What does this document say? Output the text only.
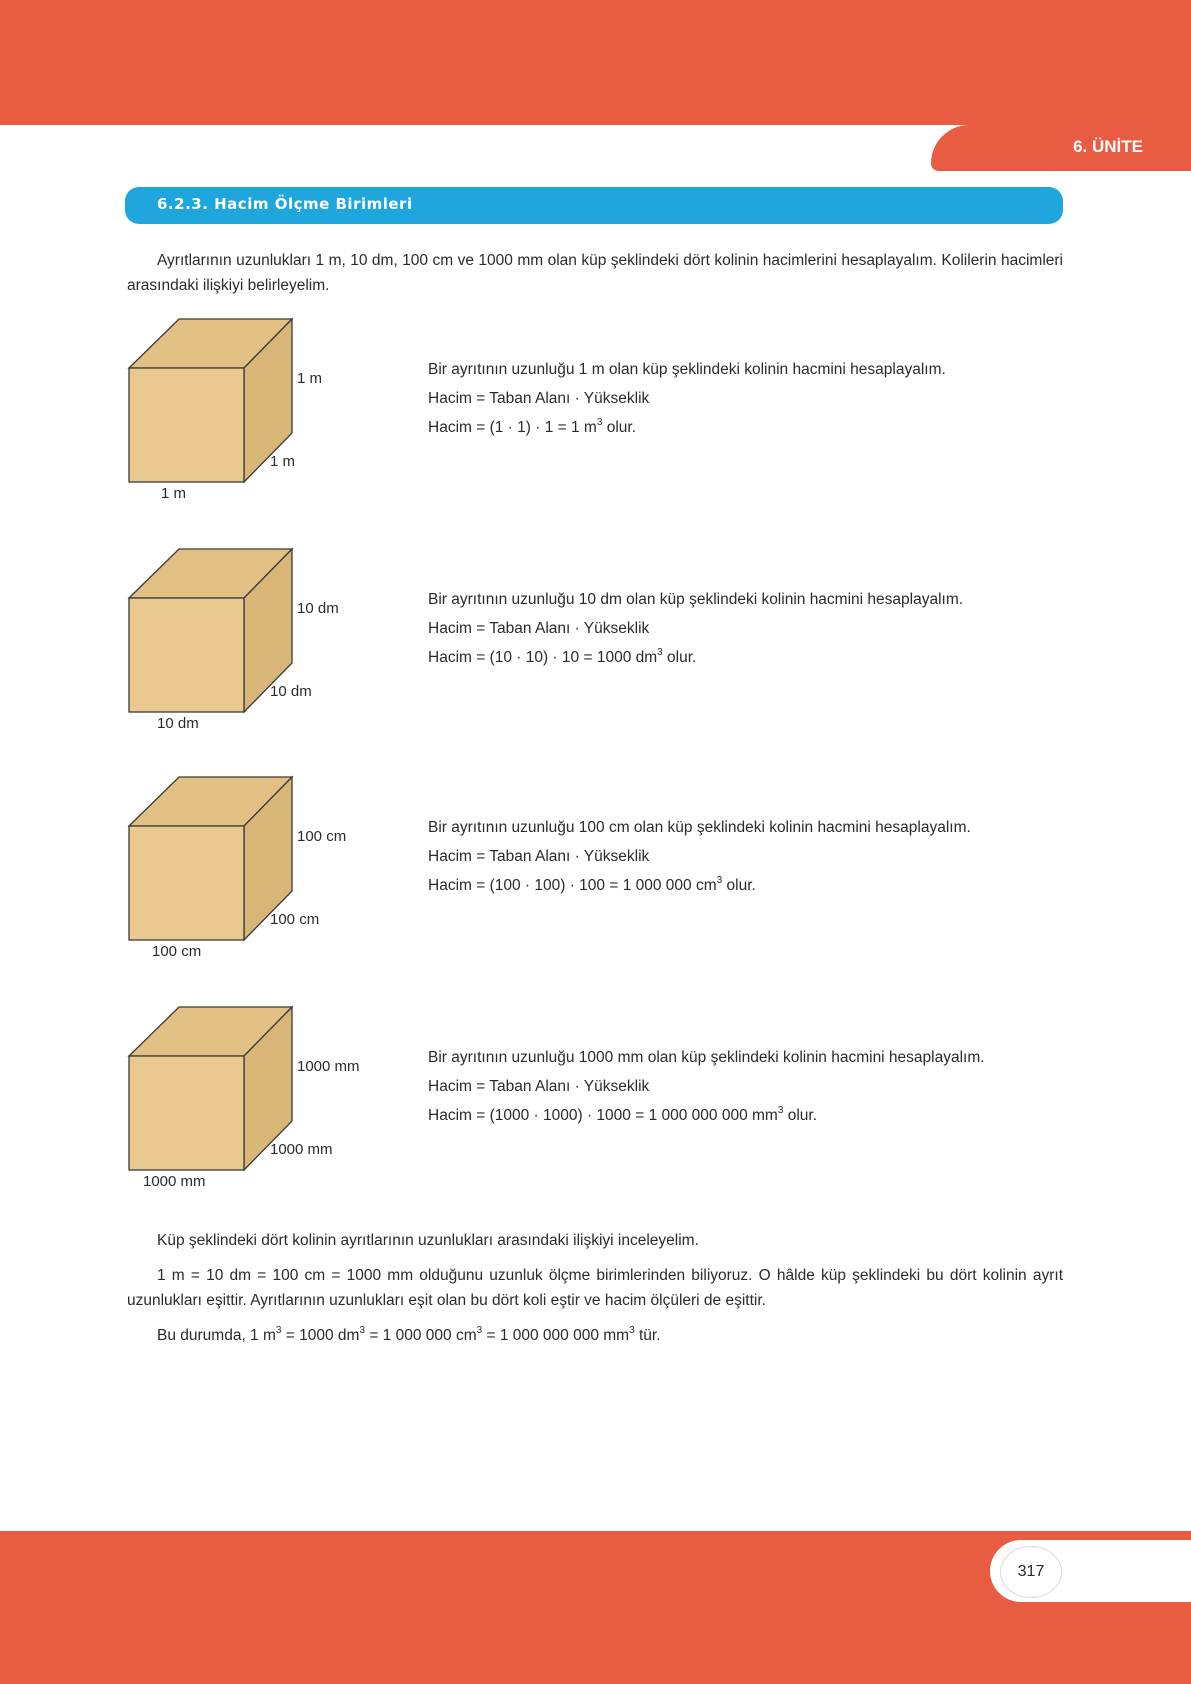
6. ÜNİTE
6.2.3. Hacim Ölçme Birimleri

Ayrıtlarının uzunlukları 1 m, 10 dm, 100 cm ve 1000 mm olan küp şeklindeki dört kolinin hacimlerini hesaplayalım. Kolilerin hacimleri arasındaki ilişkiyi belirleyelim.

1 m
1 m
1 m

Bir ayrıtının uzunluğu 1 m olan küp şeklindeki kolinin hacmini hesaplayalım.

Hacim = Taban Alanı · Yükseklik

Hacim = (1 · 1) · 1 = 1 $m^3$ olur.

10 dm
10 dm
10 dm

Bir ayrıtının uzunluğu 10 dm olan küp şeklindeki kolinin hacmini hesaplayalım.

Hacim = Taban Alanı · Yükseklik

Hacim = (10 · 10) · 10 = 1000 $dm^3$ olur.

100 cm
100 cm
100 cm

Bir ayrıtının uzunluğu 100 cm olan küp şeklindeki kolinin hacmini hesaplayalım.

Hacim = Taban Alanı · Yükseklik

Hacim = (100 · 100) · 100 = 1 000 000 $cm^3$ olur.

1000 mm
1000 mm
1000 mm

Bir ayrıtının uzunluğu 1000 mm olan küp şeklindeki kolinin hacmini hesaplayalım.

Hacim = Taban Alanı · Yükseklik

Hacim = (1000 · 1000) · 1000 = 1 000 000 000 $mm^3$ olur.

Küp şeklindeki dört kolinin ayrıtlarının uzunlukları arasındaki ilişkiyi inceleyelim.

1 m = 10 dm = 100 cm = 1000 mm olduğunu uzunluk ölçme birimlerinden biliyoruz. O hâlde küp şeklindeki bu dört kolinin ayrıt uzunlukları eşittir. Ayrıtlarının uzunlukları eşit olan bu dört koli eştir ve hacim ölçüleri de eşittir.

Bu durumda, 1 $m^3 = 1000$ $dm^3 = 1$ 000 000 $cm^3 = 1$ 000 000 000 $mm^3$ tür.

317
